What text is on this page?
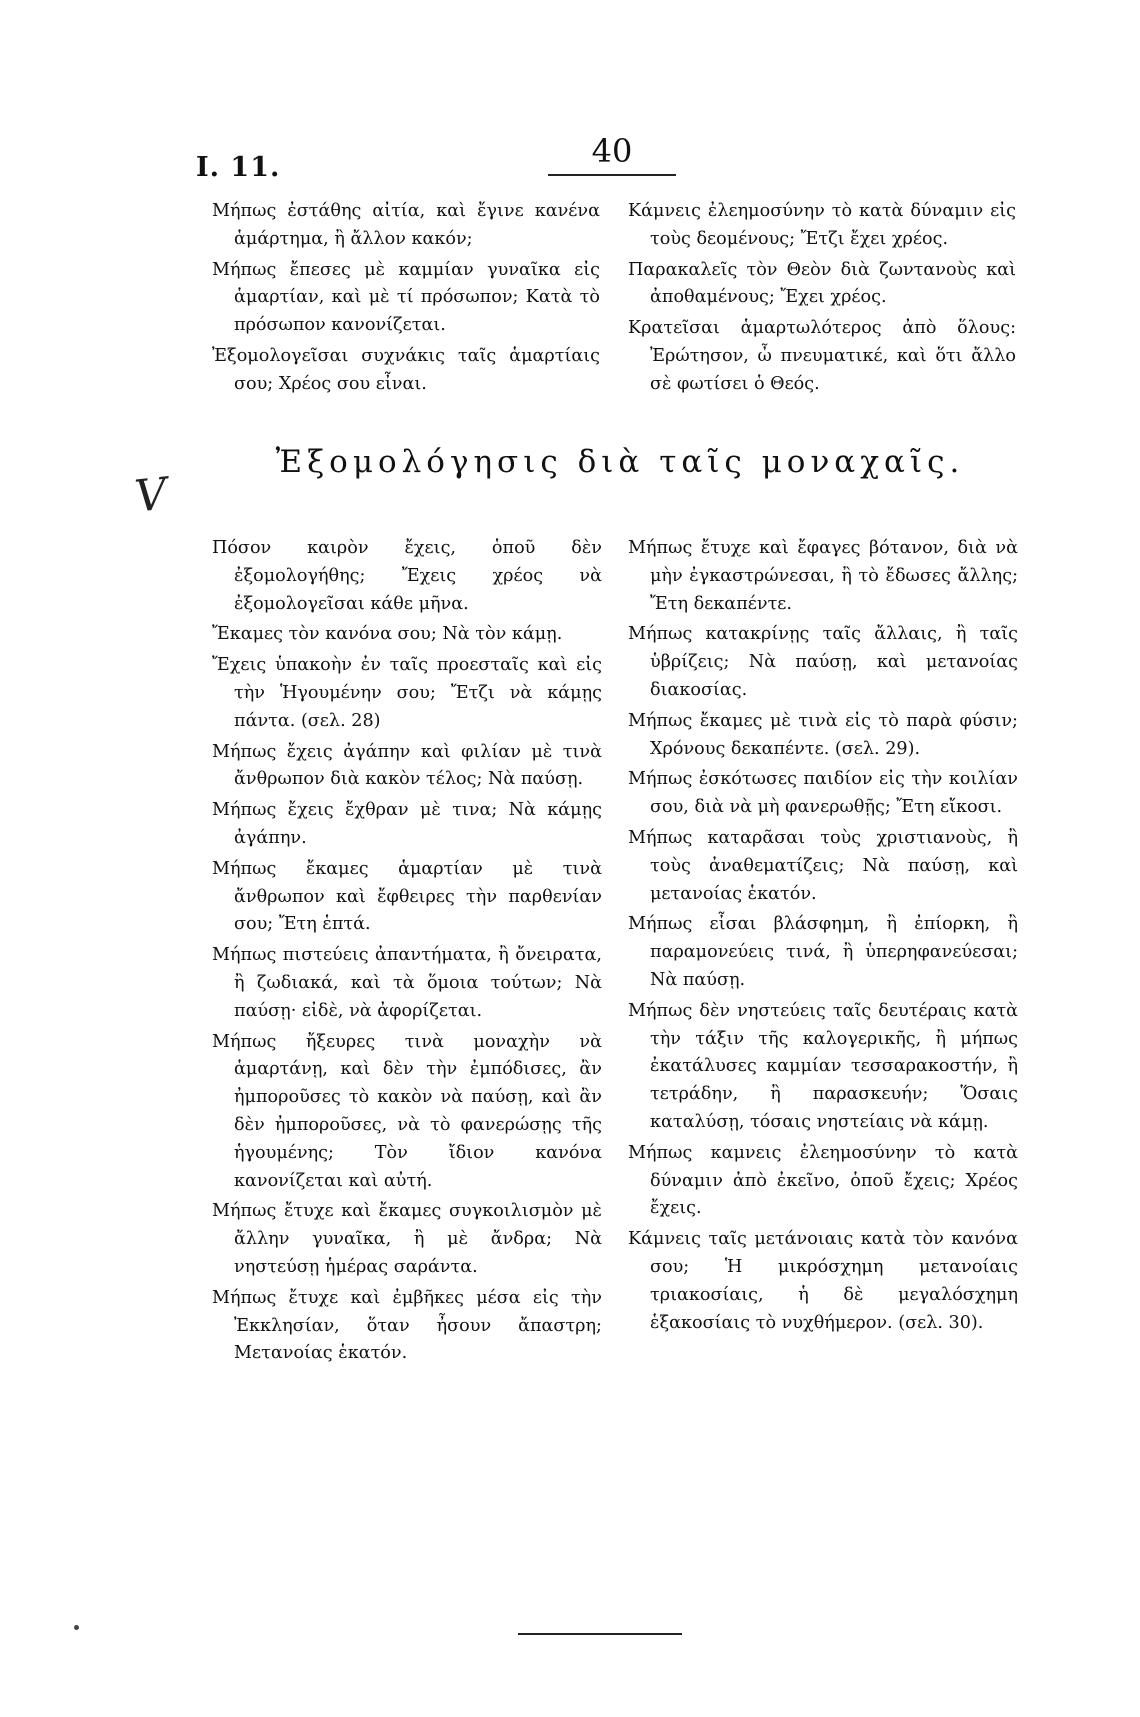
I. 11.	40

Μήπως ἐστάθης αἰτία, καὶ ἔγινε κανένα ἁμάρτημα, ἢ ἄλλον κακόν;

Μήπως ἔπεσες μὲ καμμίαν γυναῖκα εἰς ἁμαρτίαν, καὶ μὲ τί πρόσωπον; Κατὰ τὸ πρόσωπον κανονίζεται.

Ἐξομολογεῖσαι συχνάκις ταῖς ἁμαρτίαις σου; Χρέος σου εἶναι.

Κάμνεις ἐλεημοσύνην τὸ κατὰ δύναμιν εἰς τοὺς δεομένους; Ἔτζι ἔχει χρέος.

Παρακαλεῖς τὸν Θεὸν διὰ ζωντανοὺς καὶ ἀποθαμένους; Ἔχει χρέος.

Κρατεῖσαι ἁμαρτωλότερος ἀπὸ ὅλους: Ἐρώτησον, ὦ πνευματικέ, καὶ ὅτι ἄλλο σὲ φωτίσει ὁ Θεός.

V
Ἐξομολόγησις διὰ ταῖς μοναχαῖς.

Πόσον καιρὸν ἔχεις, ὁποῦ δὲν ἐξομολογήθης; Ἔχεις χρέος νὰ ἐξομολογεῖσαι κάθε μῆνα.

Ἔκαμες τὸν κανόνα σου; Νὰ τὸν κάμῃ.

Ἔχεις ὑπακοὴν ἐν ταῖς προεσταῖς καὶ εἰς τὴν Ἡγουμένην σου; Ἔτζι νὰ κάμῃς πάντα. (σελ. 28)

Μήπως ἔχεις ἀγάπην καὶ φιλίαν μὲ τινὰ ἄνθρωπον διὰ κακὸν τέλος; Νὰ παύσῃ.

Μήπως ἔχεις ἔχθραν μὲ τινα; Νὰ κάμῃς ἀγάπην.

Μήπως ἔκαμες ἁμαρτίαν μὲ τινὰ ἄνθρωπον καὶ ἔφθειρες τὴν παρθενίαν σου; Ἔτη ἑπτά.

Μήπως πιστεύεις ἀπαντήματα, ἢ ὄνειρατα, ἢ ζωδιακά, καὶ τὰ ὅμοια τούτων; Νὰ παύσῃ· εἰδὲ, νὰ ἀφορίζεται.

Μήπως ἤξευρες τινὰ μοναχὴν νὰ ἁμαρτάνῃ, καὶ δὲν τὴν ἐμπόδισες, ἂν ἠμποροῦσες τὸ κακὸν νὰ παύσῃ, καὶ ἂν δὲν ἠμποροῦσες, νὰ τὸ φανερώσῃς τῆς ἡγουμένης; Τὸν ἴδιον κανόνα κανονίζεται καὶ αὐτή.

Μήπως ἔτυχε καὶ ἔκαμες συγκοιλισμὸν μὲ ἄλλην γυναῖκα, ἢ μὲ ἄνδρα; Νὰ νηστεύσῃ ἡμέρας σαράντα.

Μήπως ἔτυχε καὶ ἐμβῆκες μέσα εἰς τὴν Ἐκκλησίαν, ὅταν ἦσουν ἄπαστρη; Μετανοίας ἑκατόν.

Μήπως ἔτυχε καὶ ἔφαγες βότανον, διὰ νὰ μὴν ἐγκαστρώνεσαι, ἢ τὸ ἔδωσες ἄλλης; Ἔτη δεκαπέντε.

Μήπως κατακρίνῃς ταῖς ἄλλαις, ἢ ταῖς ὑβρίζεις; Νὰ παύσῃ, καὶ μετανοίας διακοσίας.

Μήπως ἔκαμες μὲ τινὰ εἰς τὸ παρὰ φύσιν; Χρόνους δεκαπέντε. (σελ. 29).

Μήπως ἐσκότωσες παιδίον εἰς τὴν κοιλίαν σου, διὰ νὰ μὴ φανερωθῇς; Ἔτη εἴκοσι.

Μήπως καταρᾶσαι τοὺς χριστιανοὺς, ἢ τοὺς ἀναθεματίζεις; Νὰ παύσῃ, καὶ μετανοίας ἑκατόν.

Μήπως εἶσαι βλάσφημη, ἢ ἐπίορκη, ἢ παραμονεύεις τινά, ἢ ὑπερηφανεύεσαι; Νὰ παύσῃ.

Μήπως δὲν νηστεύεις ταῖς δευτέραις κατὰ τὴν τάξιν τῆς καλογερικῆς, ἢ μήπως ἐκατάλυσες καμμίαν τεσσαρακοστήν, ἢ τετράδην, ἢ παρασκευήν; Ὅσαις καταλύσῃ, τόσαις νηστείαις νὰ κάμῃ.

Μήπως καμνεις ἐλεημοσύνην τὸ κατὰ δύναμιν ἀπὸ ἐκεῖνο, ὁποῦ ἔχεις; Χρέος ἔχεις.

Κάμνεις ταῖς μετάνοιαις κατὰ τὸν κανόνα σου; Ἡ μικρόσχημη μετανοίαις τριακοσίαις, ἡ δὲ μεγαλόσχημη ἑξακοσίαις τὸ νυχθήμερον. (σελ. 30).
